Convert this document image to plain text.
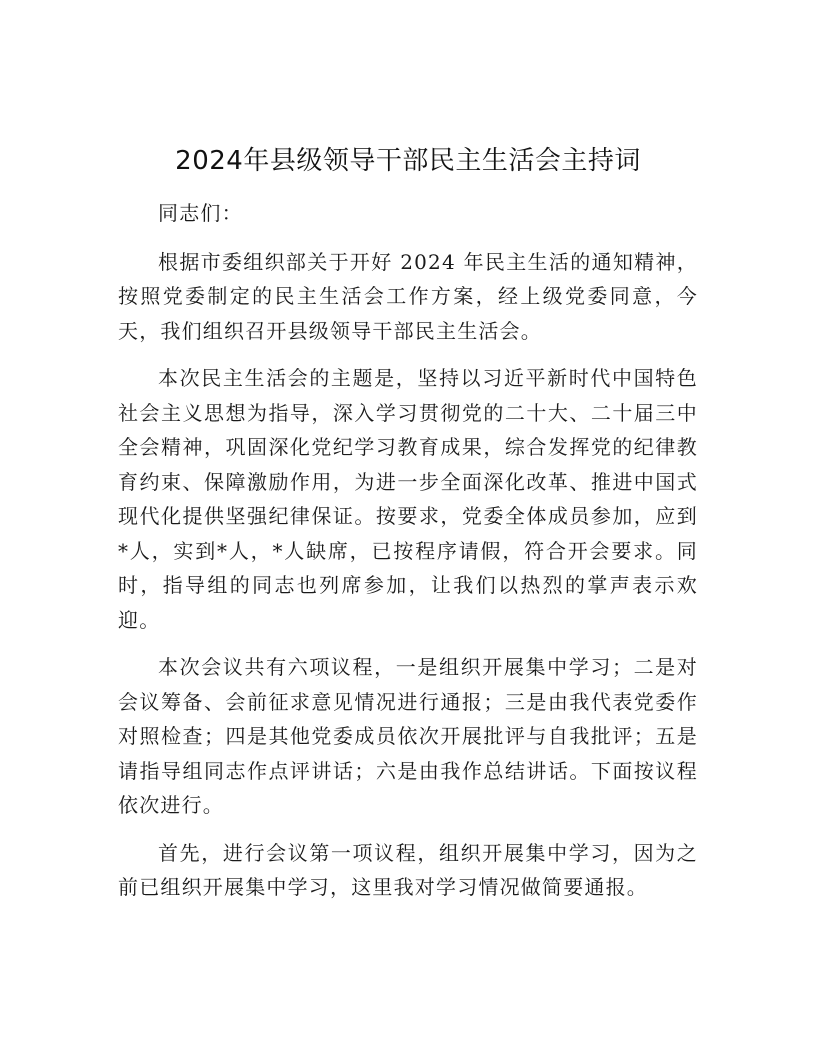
2024年县级领导干部民主生活会主持词

同志们：

根据市委组织部关于开好 2024 年民主生活的通知精神，按照党委制定的民主生活会工作方案，经上级党委同意，今天，我们组织召开县级领导干部民主生活会。

本次民主生活会的主题是，坚持以习近平新时代中国特色社会主义思想为指导，深入学习贯彻党的二十大、二十届三中全会精神，巩固深化党纪学习教育成果，综合发挥党的纪律教育约束、保障激励作用，为进一步全面深化改革、推进中国式现代化提供坚强纪律保证。按要求，党委全体成员参加，应到*人，实到*人，*人缺席，已按程序请假，符合开会要求。同时，指导组的同志也列席参加，让我们以热烈的掌声表示欢迎。

本次会议共有六项议程，一是组织开展集中学习；二是对会议筹备、会前征求意见情况进行通报；三是由我代表党委作对照检查；四是其他党委成员依次开展批评与自我批评；五是请指导组同志作点评讲话；六是由我作总结讲话。下面按议程依次进行。

首先，进行会议第一项议程，组织开展集中学习，因为之前已组织开展集中学习，这里我对学习情况做简要通报。
